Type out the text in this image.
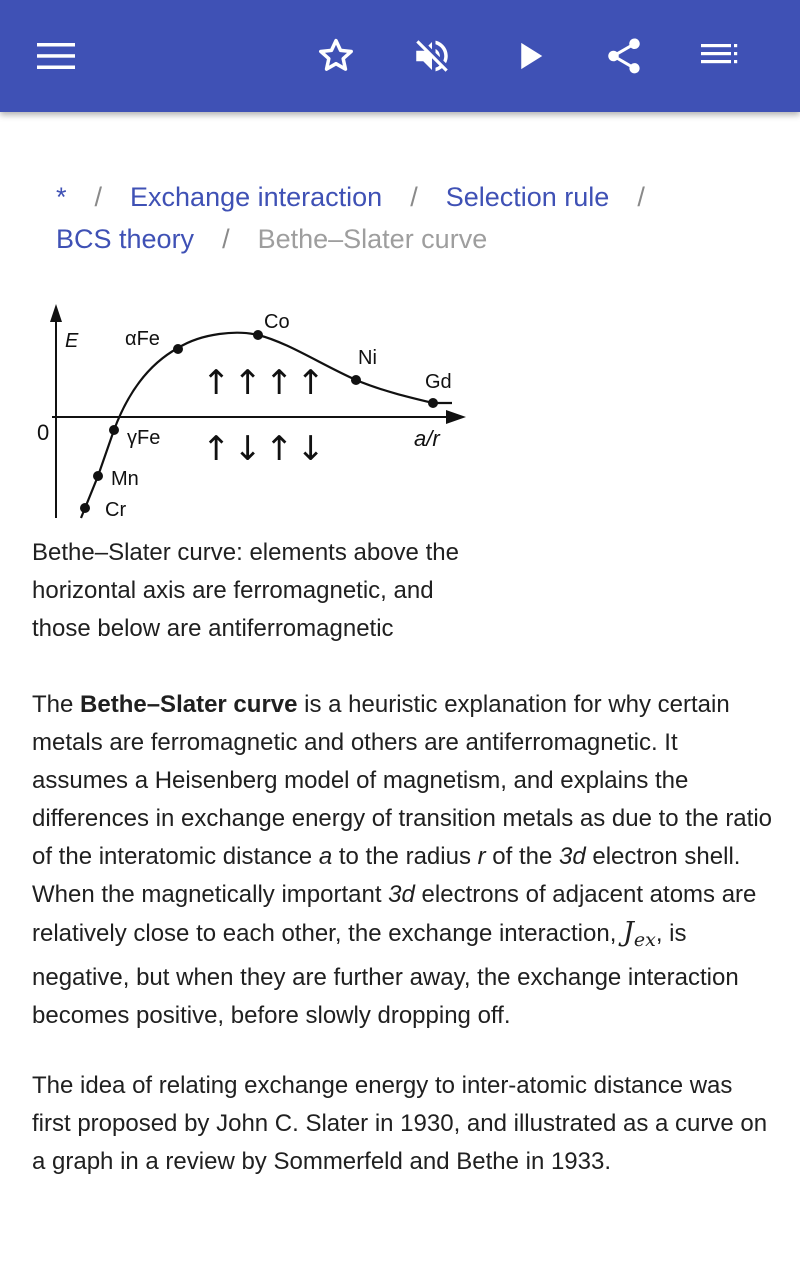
* / Exchange interaction / Selection rule /
BCS theory / Bethe–Slater curve
E
a/r
0
αFe
Co
Ni
Gd
γFe
Mn
Cr
↑↑↑↑
↑↓↑↓
Bethe–Slater curve: elements above the horizontal axis are ferromagnetic, and those below are antiferromagnetic

The Bethe–Slater curve is a heuristic explanation for why certain metals are ferromagnetic and others are antiferromagnetic. It assumes a Heisenberg model of magnetism, and explains the differences in exchange energy of transition metals as due to the ratio of the interatomic distance a to the radius r of the 3d electron shell. When the magnetically important 3d electrons of adjacent atoms are relatively close to each other, the exchange interaction, $J_{ex}$, is negative, but when they are further away, the exchange interaction becomes positive, before slowly dropping off.

The idea of relating exchange energy to inter-atomic distance was first proposed by John C. Slater in 1930, and illustrated as a curve on a graph in a review by Sommerfeld and Bethe in 1933.
